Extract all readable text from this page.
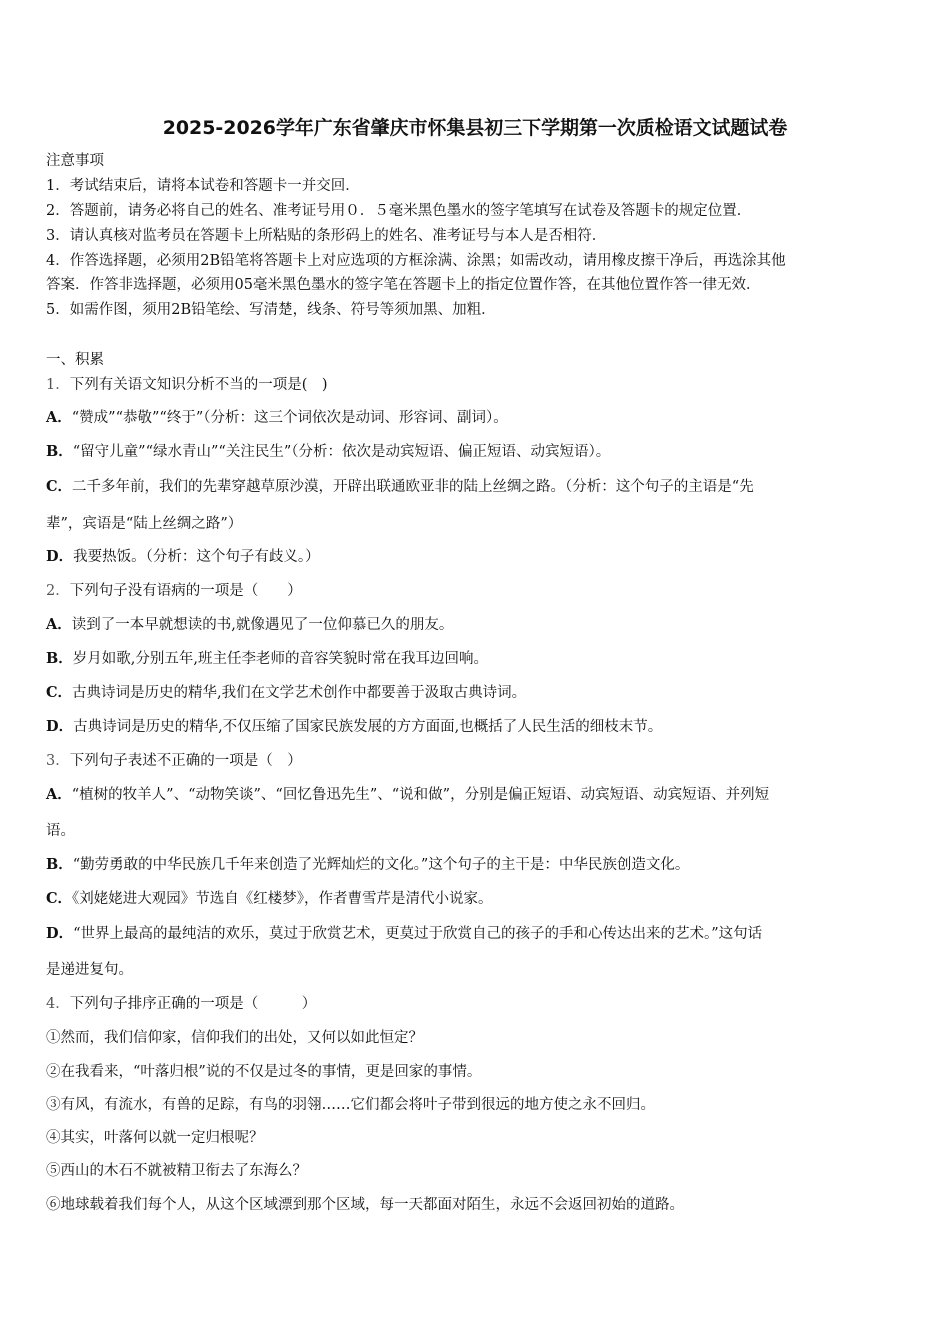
2025-2026学年广东省肇庆市怀集县初三下学期第一次质检语文试题试卷
注意事项
1．考试结束后，请将本试卷和答题卡一并交回．
2．答题前，请务必将自己的姓名、准考证号用０．５毫米黑色墨水的签字笔填写在试卷及答题卡的规定位置．
3．请认真核对监考员在答题卡上所粘贴的条形码上的姓名、准考证号与本人是否相符．
4．作答选择题，必须用2B铅笔将答题卡上对应选项的方框涂满、涂黑；如需改动，请用橡皮擦干净后，再选涂其他
答案．作答非选择题，必须用05毫米黑色墨水的签字笔在答题卡上的指定位置作答，在其他位置作答一律无效．
5．如需作图，须用2B铅笔绘、写清楚，线条、符号等须加黑、加粗．
一、积累
1．下列有关语文知识分析不当的一项是(　)
A．“赞成”“恭敬”“终于”（分析：这三个词依次是动词、形容词、副词）。
B．“留守儿童”“绿水青山”“关注民生”（分析：依次是动宾短语、偏正短语、动宾短语）。
C．二千多年前，我们的先辈穿越草原沙漠，开辟出联通欧亚非的陆上丝绸之路。（分析：这个句子的主语是“先
辈”，宾语是“陆上丝绸之路”）
D．我要热饭。（分析：这个句子有歧义。）
2．下列句子没有语病的一项是（　　）
A．读到了一本早就想读的书,就像遇见了一位仰慕已久的朋友。
B．岁月如歌,分别五年,班主任李老师的音容笑貌时常在我耳边回响。
C．古典诗词是历史的精华,我们在文学艺术创作中都要善于汲取古典诗词。
D．古典诗词是历史的精华,不仅压缩了国家民族发展的方方面面,也概括了人民生活的细枝末节。
3．下列句子表述不正确的一项是（　）
A．“植树的牧羊人”、“动物笑谈”、“回忆鲁迅先生”、“说和做”，分别是偏正短语、动宾短语、动宾短语、并列短
语。
B．“勤劳勇敢的中华民族几千年来创造了光辉灿烂的文化。”这个句子的主干是：中华民族创造文化。
C．《刘姥姥进大观园》节选自《红楼梦》，作者曹雪芹是清代小说家。
D．“世界上最高的最纯洁的欢乐，莫过于欣赏艺术，更莫过于欣赏自己的孩子的手和心传达出来的艺术。”这句话
是递进复句。
4．下列句子排序正确的一项是（　　　）
①然而，我们信仰家，信仰我们的出处，又何以如此恒定？
②在我看来，“叶落归根”说的不仅是过冬的事情，更是回家的事情。
③有风，有流水，有兽的足踪，有鸟的羽翎……它们都会将叶子带到很远的地方使之永不回归。
④其实，叶落何以就一定归根呢？
⑤西山的木石不就被精卫衔去了东海么？
⑥地球载着我们每个人，从这个区域漂到那个区域，每一天都面对陌生，永远不会返回初始的道路。
